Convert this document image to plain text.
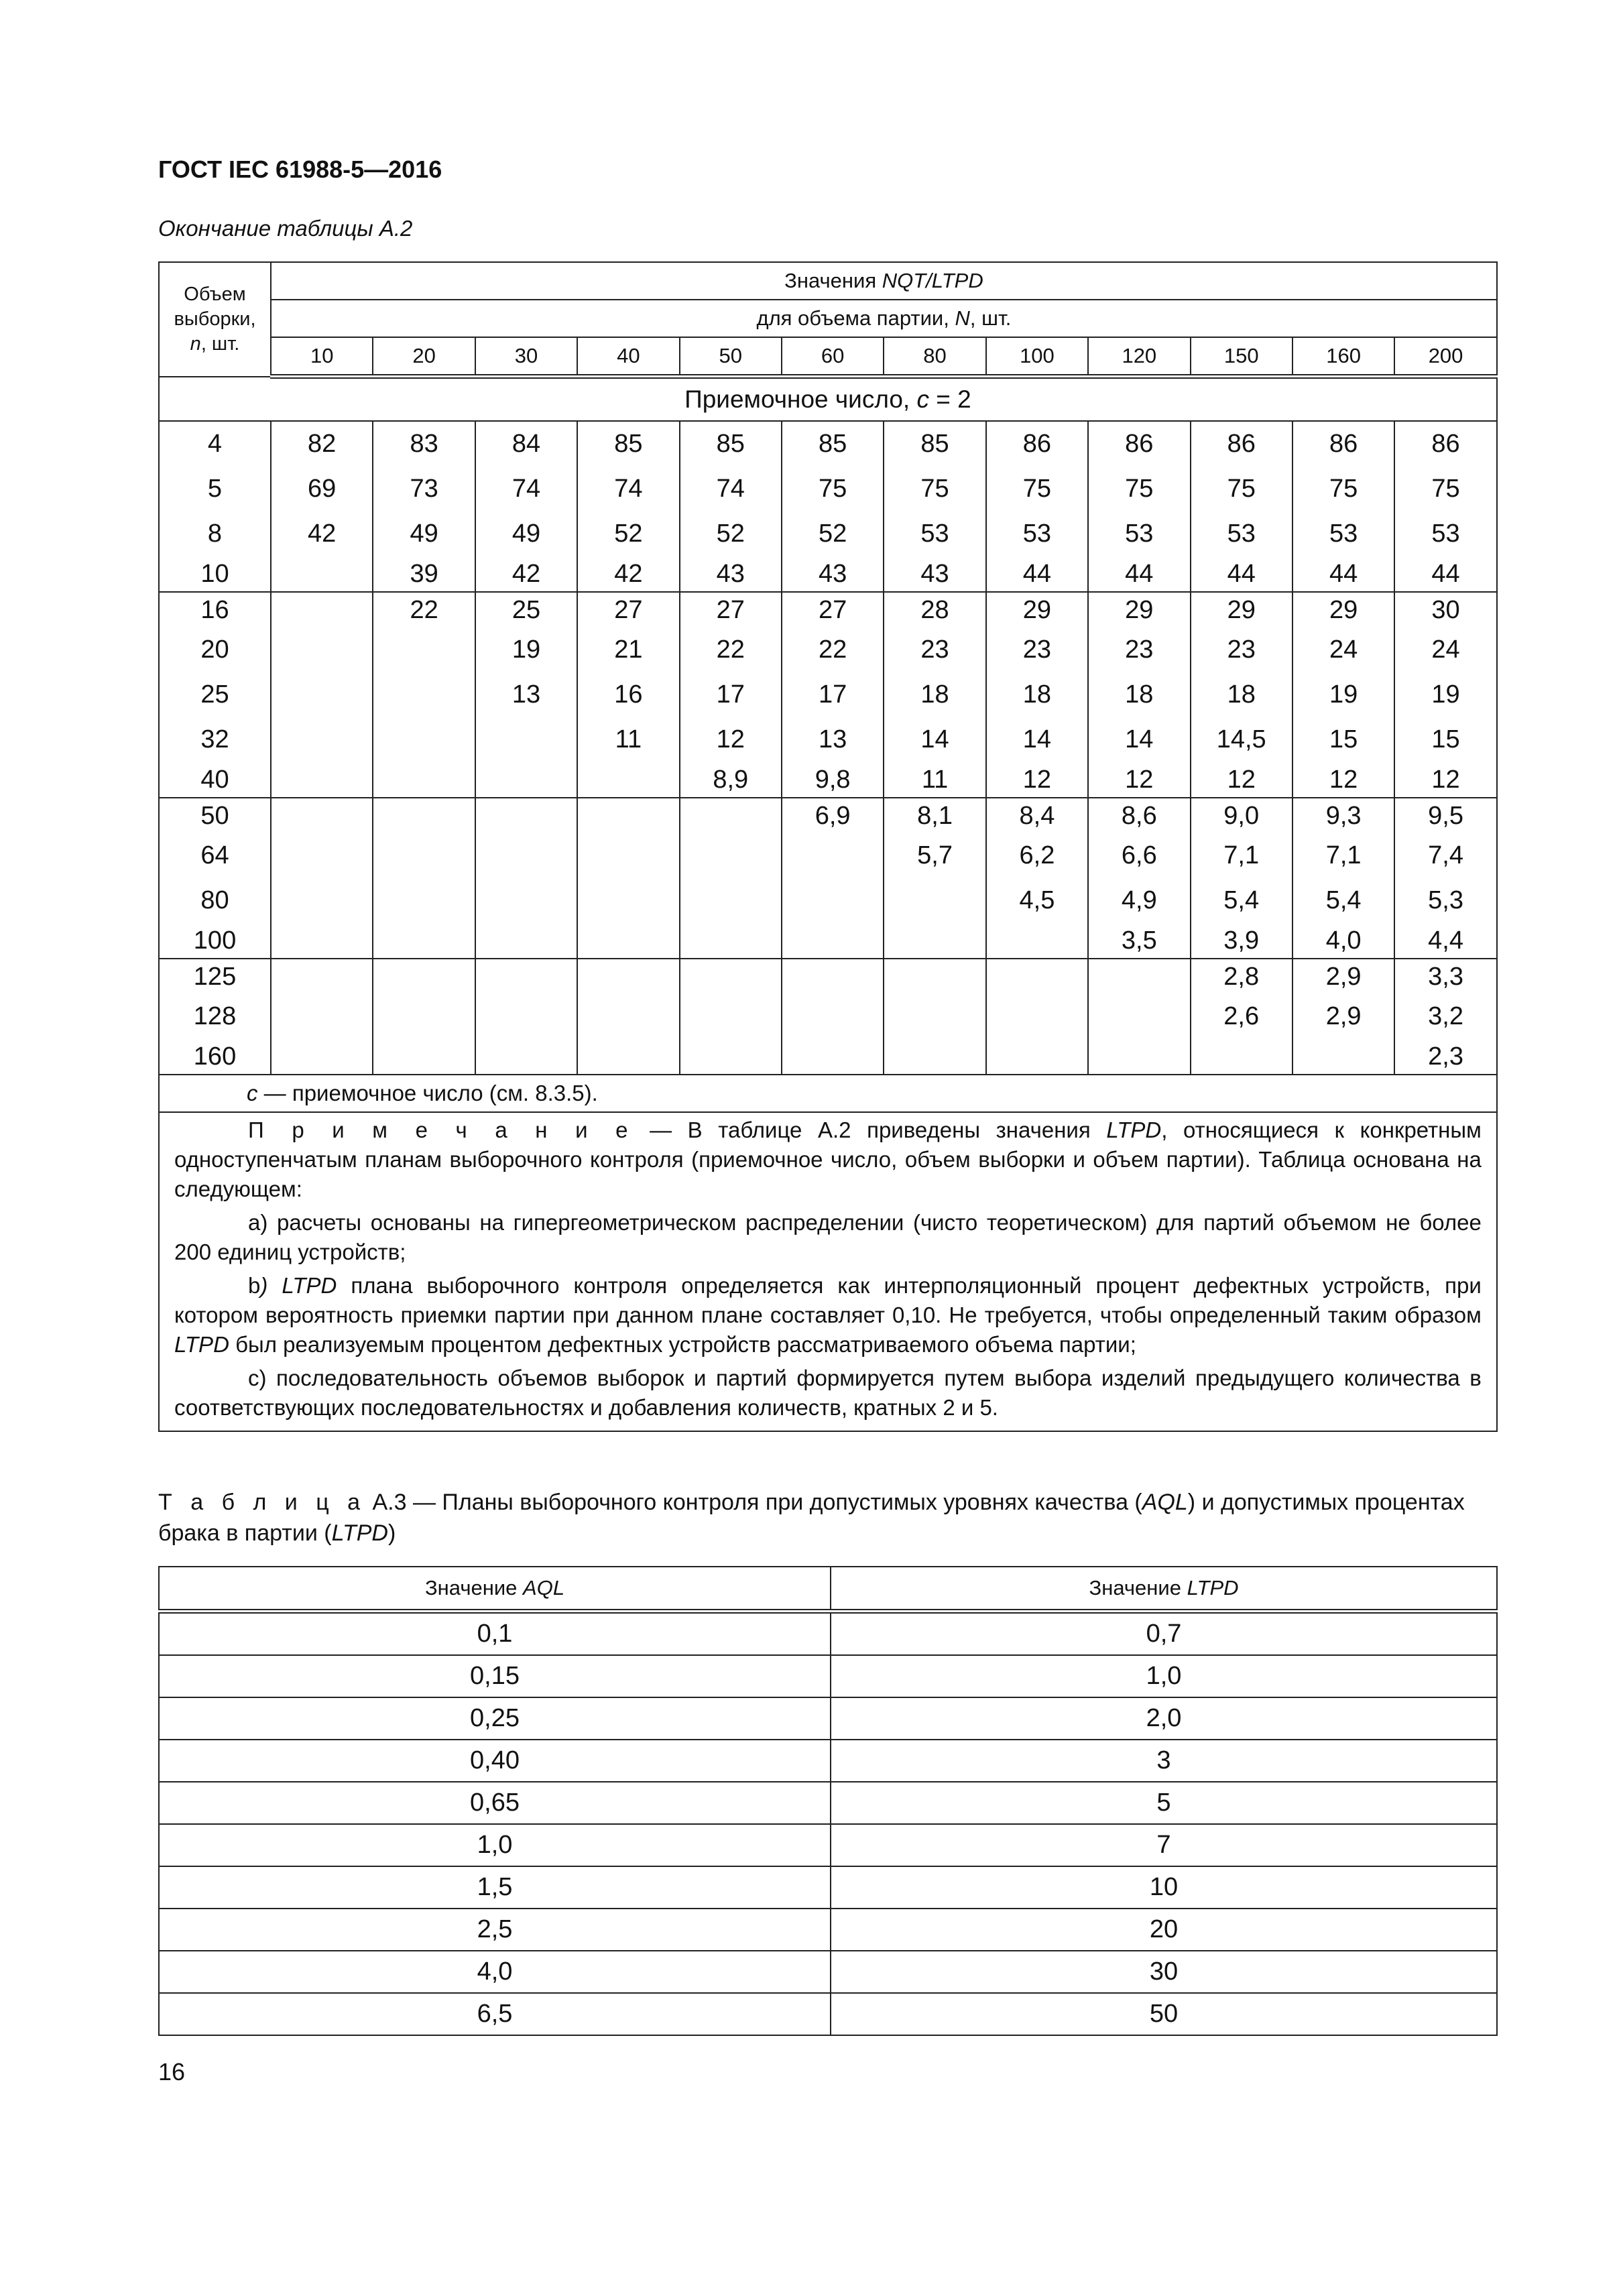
ГОСТ IEC 61988-5—2016
Окончание таблицы А.2
Объем
выборки,
n, шт.	Значения NQT/LTPD											
	для объема партии, N, шт.											
	10	20	30	40	50	60	80	100	120	150	160	200
Приемочное число, c = 2												
4	82	83	84	85	85	85	85	86	86	86	86	86
5	69	73	74	74	74	75	75	75	75	75	75	75
8	42	49	49	52	52	52	53	53	53	53	53	53
10		39	42	42	43	43	43	44	44	44	44	44
16		22	25	27	27	27	28	29	29	29	29	30
20			19	21	22	22	23	23	23	23	24	24
25			13	16	17	17	18	18	18	18	19	19
32				11	12	13	14	14	14	14,5	15	15
40					8,9	9,8	11	12	12	12	12	12
50						6,9	8,1	8,4	8,6	9,0	9,3	9,5
64							5,7	6,2	6,6	7,1	7,1	7,4
80								4,5	4,9	5,4	5,4	5,3
100									3,5	3,9	4,0	4,4
125										2,8	2,9	3,3
128										2,6	2,9	3,2
160												2,3
c — приемочное число (см. 8.3.5).												

П р и м е ч а н и е — В таблице А.2 приведены значения LTPD, относящиеся к конкретным одноступенчатым планам выборочного контроля (приемочное число, объем выборки и объем партии). Таблица основана на следующем:

a) расчеты основаны на гипергеометрическом распределении (чисто теоретическом) для партий объемом не более 200 единиц устройств;

b) LTPD плана выборочного контроля определяется как интерполяционный процент дефектных устройств, при котором вероятность приемки партии при данном плане составляет 0,10. Не требуется, чтобы определенный таким образом LTPD был реализуемым процентом дефектных устройств рассматриваемого объема партии;

c) последовательность объемов выборок и партий формируется путем выбора изделий предыдущего количества в соответствующих последовательностях и добавления количеств, кратных 2 и 5.												

Т а б л и ц а А.3 — Планы выборочного контроля при допустимых уровнях качества (AQL) и допустимых процентах брака в партии (LTPD)
Значение AQL	Значение LTPD
0,1	0,7
0,15	1,0
0,25	2,0
0,40	3
0,65	5
1,0	7
1,5	10
2,5	20
4,0	30
6,5	50
16
